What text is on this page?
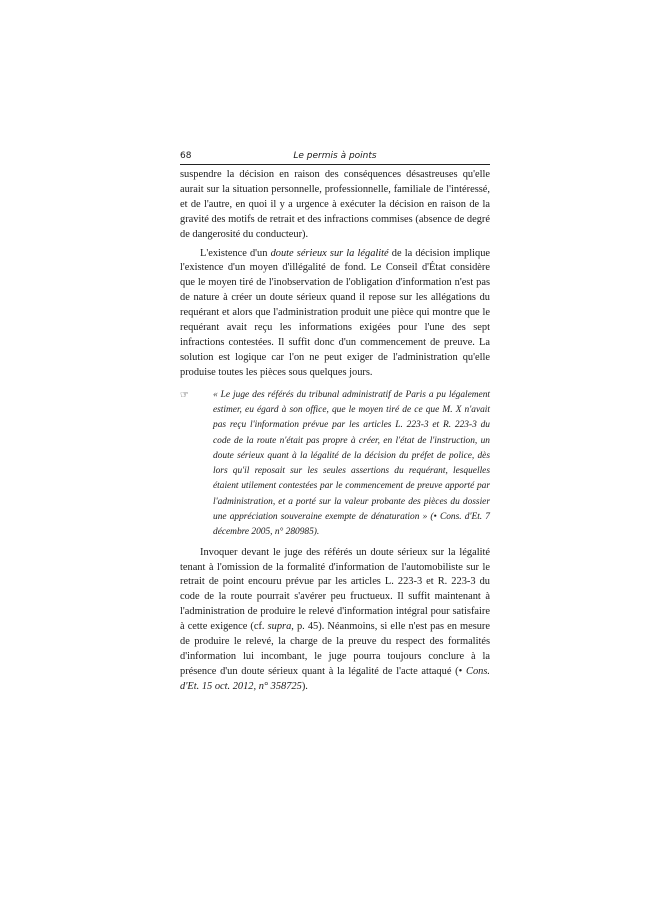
68	Le permis à points

suspendre la décision en raison des conséquences désastreuses qu'elle aurait sur la situation personnelle, professionnelle, familiale de l'intéressé, et de l'autre, en quoi il y a urgence à exécuter la décision en raison de la gravité des motifs de retrait et des infractions commises (absence de degré de dangerosité du conducteur).

L'existence d'un doute sérieux sur la légalité de la décision implique l'existence d'un moyen d'illégalité de fond. Le Conseil d'État considère que le moyen tiré de l'inobservation de l'obligation d'information n'est pas de nature à créer un doute sérieux quand il repose sur les allégations du requérant et alors que l'administration produit une pièce qui montre que le requérant avait reçu les informations exigées pour l'une des sept infractions contestées. Il suffit donc d'un commencement de preuve. La solution est logique car l'on ne peut exiger de l'administration qu'elle produise toutes les pièces sous quelques jours.

☞	« Le juge des référés du tribunal administratif de Paris a pu légalement estimer, eu égard à son office, que le moyen tiré de ce que M. X n'avait pas reçu l'information prévue par les articles L. 223-3 et R. 223-3 du code de la route n'était pas propre à créer, en l'état de l'instruction, un doute sérieux quant à la légalité de la décision du préfet de police, dès lors qu'il reposait sur les seules assertions du requérant, lesquelles étaient utilement contestées par le commencement de preuve apporté par l'administration, et a porté sur la valeur probante des pièces du dossier une appréciation souveraine exempte de dénaturation » (• Cons. d'Et. 7 décembre 2005, n° 280985).

Invoquer devant le juge des référés un doute sérieux sur la légalité tenant à l'omission de la formalité d'information de l'automobiliste sur le retrait de point encouru prévue par les articles L. 223-3 et R. 223-3 du code de la route pourrait s'avérer peu fructueux. Il suffit maintenant à l'administration de produire le relevé d'information intégral pour satisfaire à cette exigence (cf. supra, p. 45). Néanmoins, si elle n'est pas en mesure de produire le relevé, la charge de la preuve du respect des formalités d'information lui incombant, le juge pourra toujours conclure à la présence d'un doute sérieux quant à la légalité de l'acte attaqué (• Cons. d'Et. 15 oct. 2012, n° 358725).
